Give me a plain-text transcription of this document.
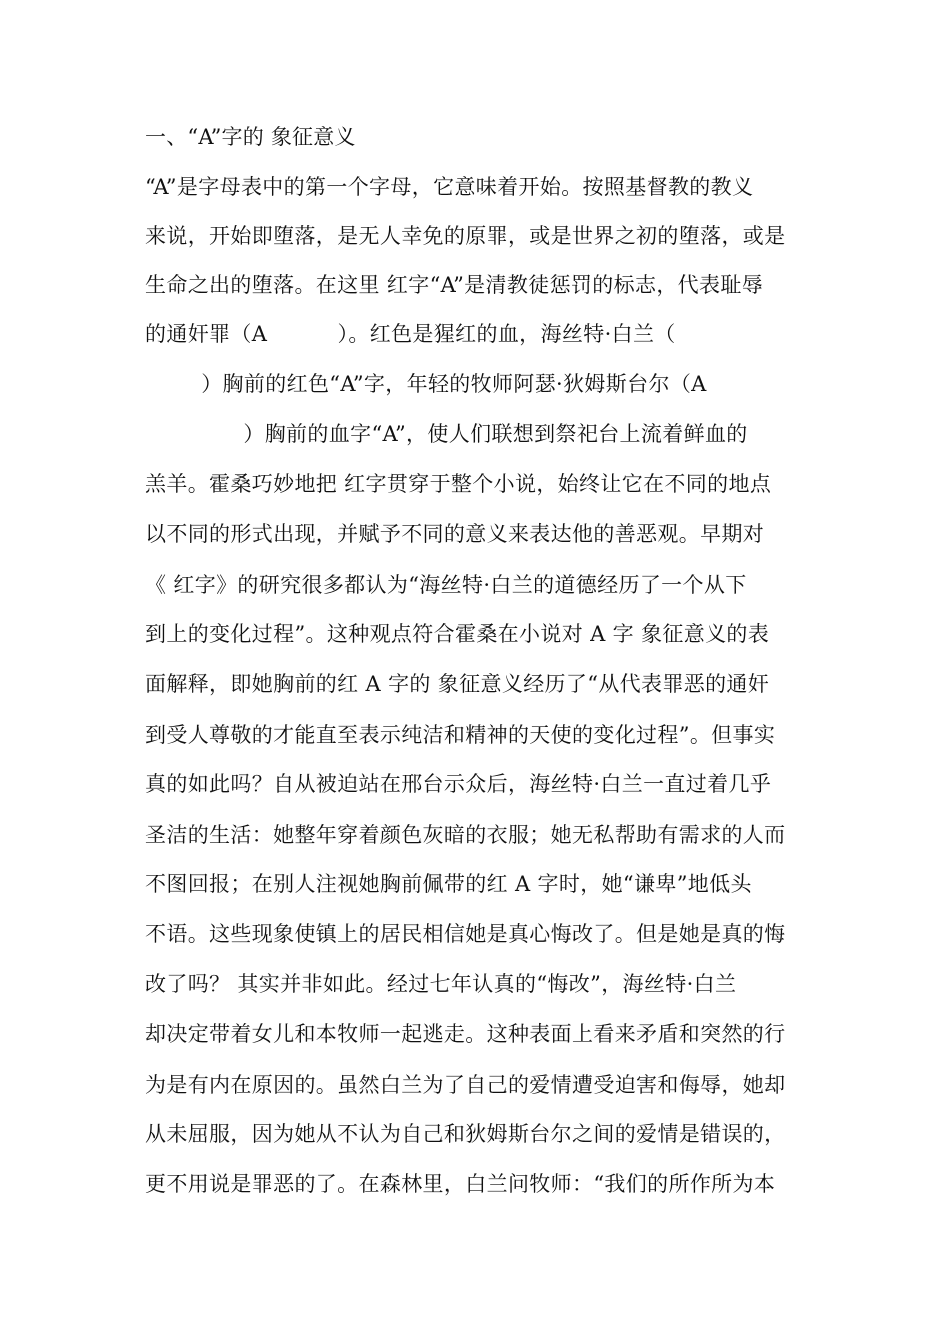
一、“A”字的 象征意义
“A”是字母表中的第一个字母，它意味着开始。按照基督教的教义
来说，开始即堕落，是无人幸免的原罪，或是世界之初的堕落，或是
生命之出的堕落。在这里 红字“A”是清教徒惩罚的标志，代表耻辱
的通奸罪（A          ）。红色是猩红的血，海丝特·白兰（
）胸前的红色“A”字，年轻的牧师阿瑟·狄姆斯台尔（A
）胸前的血字“A”，使人们联想到祭祀台上流着鲜血的
羔羊。霍桑巧妙地把 红字贯穿于整个小说，始终让它在不同的地点
以不同的形式出现，并赋予不同的意义来表达他的善恶观。早期对
《 红字》的研究很多都认为“海丝特·白兰的道德经历了一个从下
到上的变化过程”。这种观点符合霍桑在小说对 A 字 象征意义的表
面解释，即她胸前的红 A 字的 象征意义经历了“从代表罪恶的通奸
到受人尊敬的才能直至表示纯洁和精神的天使的变化过程”。但事实
真的如此吗？自从被迫站在邢台示众后，海丝特·白兰一直过着几乎
圣洁的生活：她整年穿着颜色灰暗的衣服；她无私帮助有需求的人而
不图回报；在别人注视她胸前佩带的红 A 字时，她“谦卑”地低头
不语。这些现象使镇上的居民相信她是真心悔改了。但是她是真的悔
改了吗？ 其实并非如此。经过七年认真的“悔改”，海丝特·白兰
却决定带着女儿和本牧师一起逃走。这种表面上看来矛盾和突然的行
为是有内在原因的。虽然白兰为了自己的爱情遭受迫害和侮辱，她却
从未屈服，因为她从不认为自己和狄姆斯台尔之间的爱情是错误的，
更不用说是罪恶的了。在森林里，白兰问牧师：“我们的所作所为本
